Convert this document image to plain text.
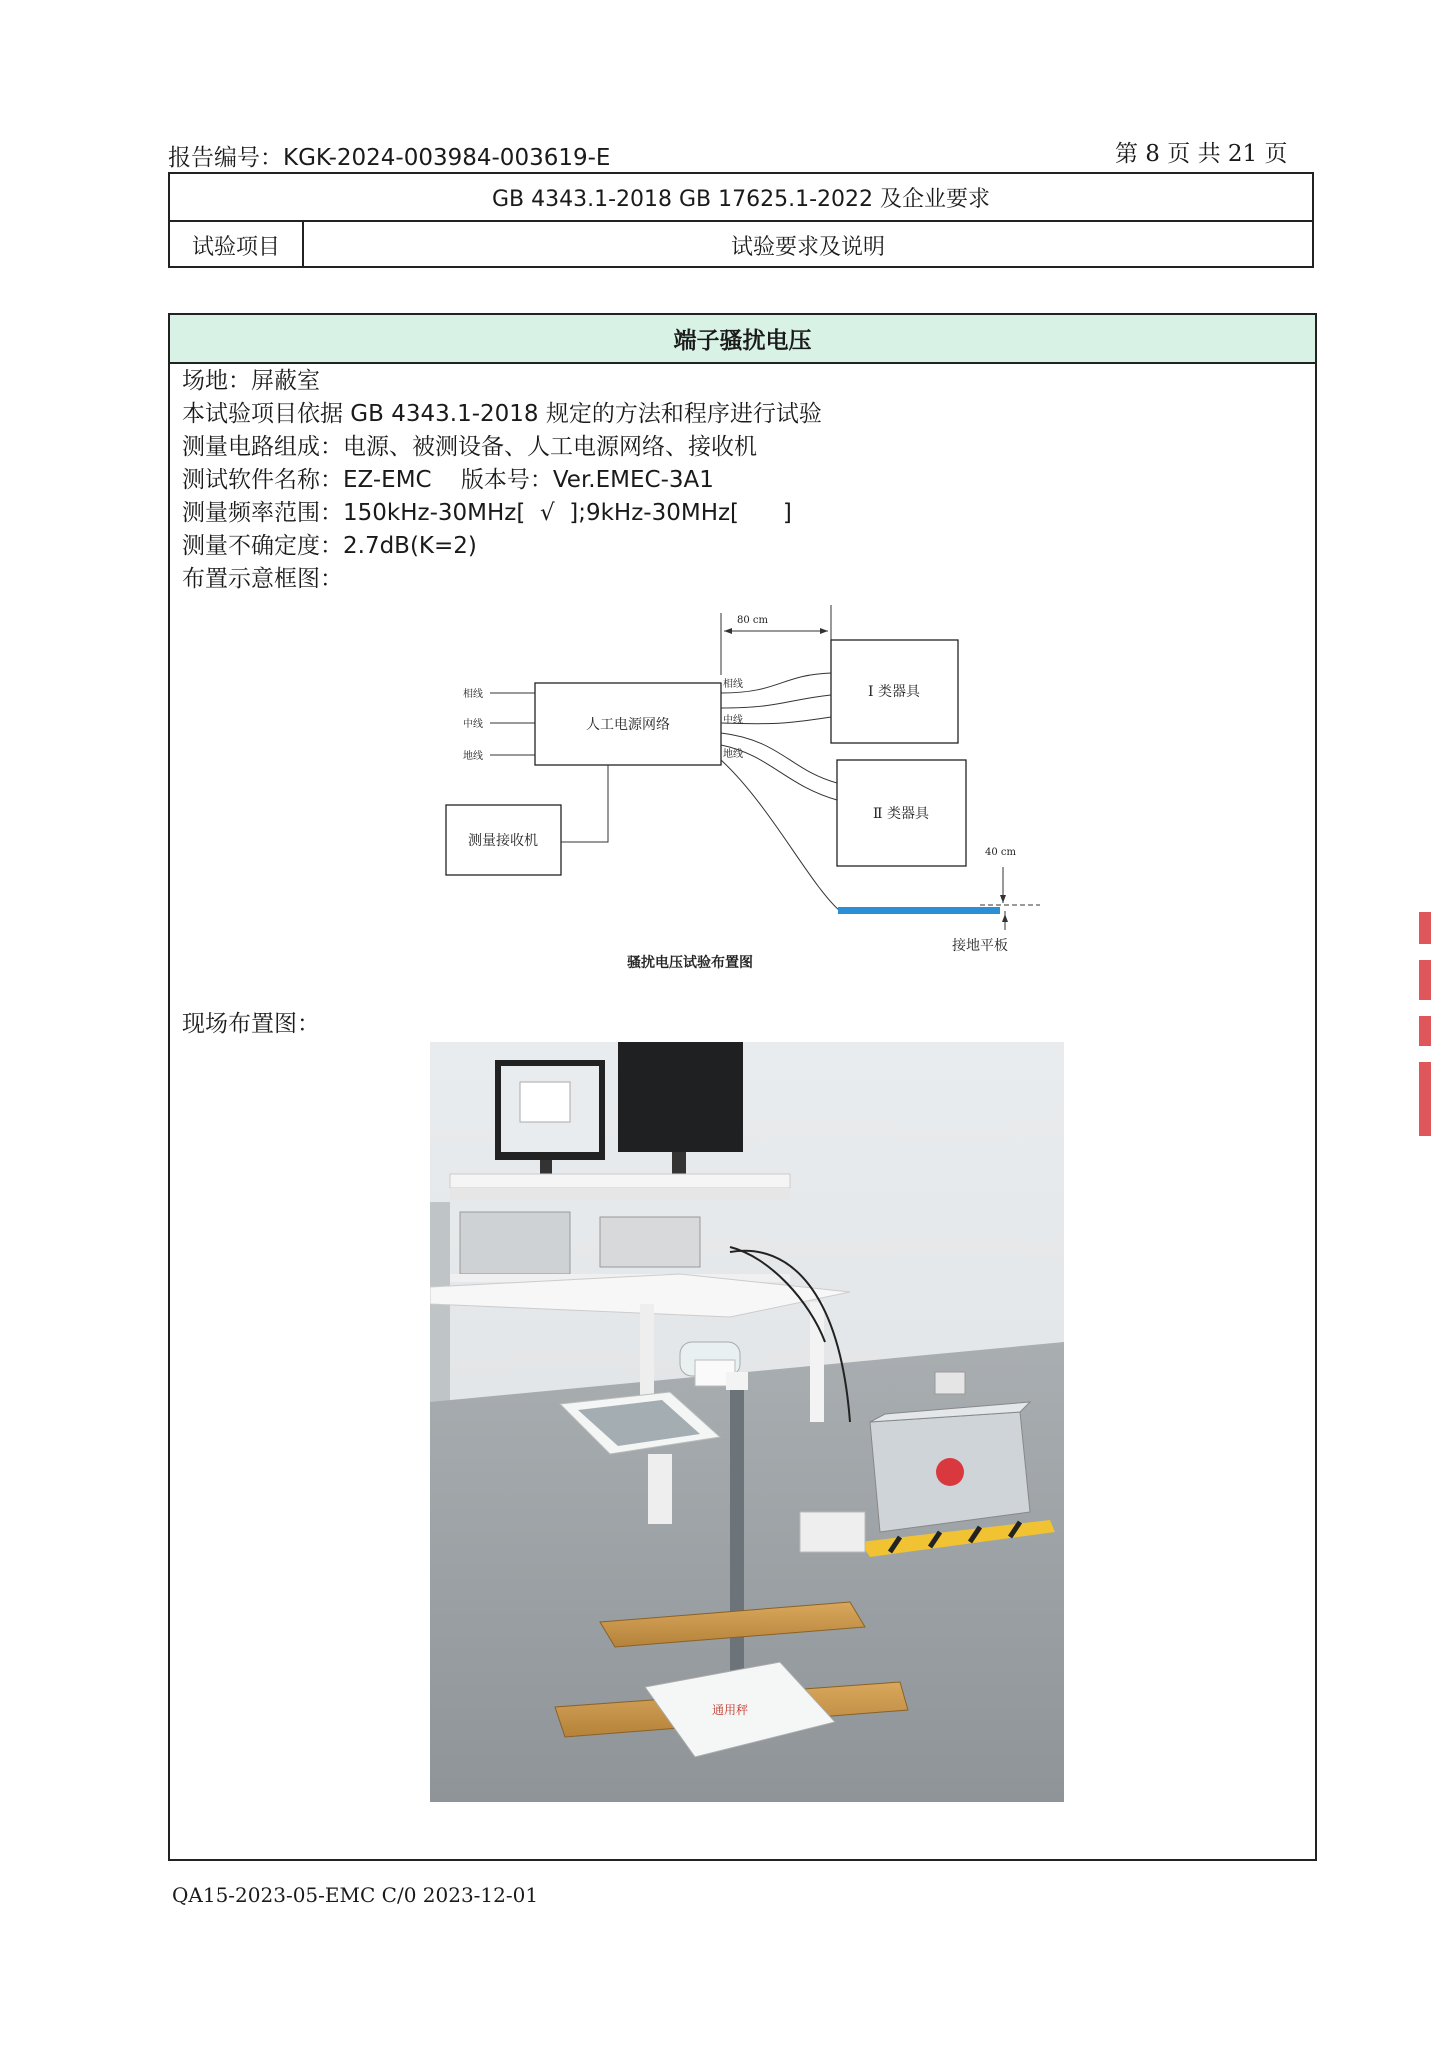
报告编号：KGK-2024-003984-003619-E	第 8 页 共 21 页
GB 4343.1-2018 GB 17625.1-2022 及企业要求
试验项目	试验要求及说明
端子骚扰电压
场地：屏蔽室
本试验项目依据 GB 4343.1-2018 规定的方法和程序进行试验
测量电路组成：电源、被测设备、人工电源网络、接收机
测试软件名称：EZ-EMC    版本号：Ver.EMEC-3A1
测量频率范围：150kHz-30MHz[  √  ];9kHz-30MHz[      ]
测量不确定度：2.7dB(K=2)
布置示意框图：
80 cm
Ⅰ 类器具
Ⅱ 类器具
人工电源网络
测量接收机
相线
中线
地线
相线
中线
地线
40 cm
接地平板
骚扰电压试验布置图
现场布置图：
通用秤
QA15-2023-05-EMC C/0 2023-12-01
